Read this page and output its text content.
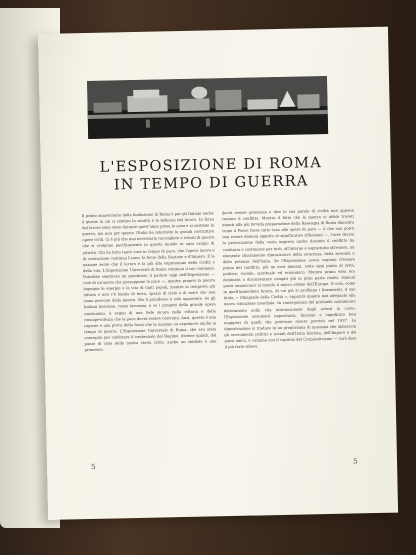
L'ESPOSIZIONE DI ROMA
IN TEMPO DI GUERRA

Il primo anniversario della fondazione di Roma è per gli Italiani anche il giorno in cui si celebra la santità e la bellezza del lavoro. In forza del lavoro sono state durante quest'anno prese le armi e si sostiene la guerra, ma non per questo l'Italia ha interrotto le grandi costruttive opere civili. Ci è più che mai necessario raccogliere e tributi di guerra che si svolgono pacificamente in questo mondo in ogni campo di attività. Chi ha fatto tante cose in tempo di pace, che l'opera nuova e di costruzione continua l'anno, le forze della Nazione e d'Impero. E la nazione sente che il lavoro è la più alta espressione della civiltà e della vita. L'Esposizione Universale di Roma continua il suo cammino. Potrebbe sembrare un paradosso il parlare oggi dell'Esposizione — cioè di un'opera che presuppone la pace —, mentre proprio la guerra impegna le energie e la vita di tanti popoli, mentre la tempesta più infuria e non c'è lembo di terra, spazio di cielo o di mare che non siano percorsi dalla guerra. Ma il paradosso è solo apparente. Se gli Italiani lavorano, come lavorano, e se i progetti della grande opera continuano, è segno di una fede sicura nella vittoria e della consapevolezza che la pace dovrà essere costruita. Anzi, questa è una ragione e una prova della forza che la nazione sa esprimere anche in tempo di guerra. L'Esposizione Universale di Roma, che era stata concepita per celebrare il ventennale del Regime, diviene quindi, dal punto di vista della nostra storia civile, anche un simbolo e una promessa.

dovrà essere promessa e dire la sua parola di civiltà non appena cessato il conflitto. Mentre il fatto che la guerra ci abbia trovati intenti alla più fervida preparazione della Rassegna di Roma dimostra come il Paese fosse tutto teso alle opere di pace — il che non potrà non essere domani oggetto di significative riflessioni —, l'aver deciso la prosecuzione della vasta impresa anche durante il conflitto ha costituito e costituisce per tutti, all'interno e soprattutto all'estero, un elemento chiaramente dimostrativo della sicurezza, della serenità e della potenza dell'Italia. Se l'Esposizione aveva ragione d'essere prima del conflitto, più ne avrà domani, sotto ogni punto di vista: politico, sociale, spirituale ed economico. Mentre prima essa era destinata a documentare compiti già in gran parte risolti, domani potrà annunciare al mondo il nuovo ordine dell'Europa. E così, come in quell'immediato futuro, di cui già si profilano i lineamenti, il suo titolo, « Olimpiade della Civiltà », apparirà quanto mai adeguato alla nuova situazione mondiale. In conseguenza del profondo mutamento determinato nella vita internazionale dagli eventi in corso, l'Esposizione assumerà importanza, funzioni e significato ben maggiori di quelli che potevano essere previsti nel 1937. La dimostrazione si traduce in un programma di massima che abbraccia gli avvenimenti politici e sociali dell'Italia fascista, dell'Impero e dei paesi amici, e culmina con il capitolo del Corporativismo — sarà dato il più forte rilievo.

5
5
